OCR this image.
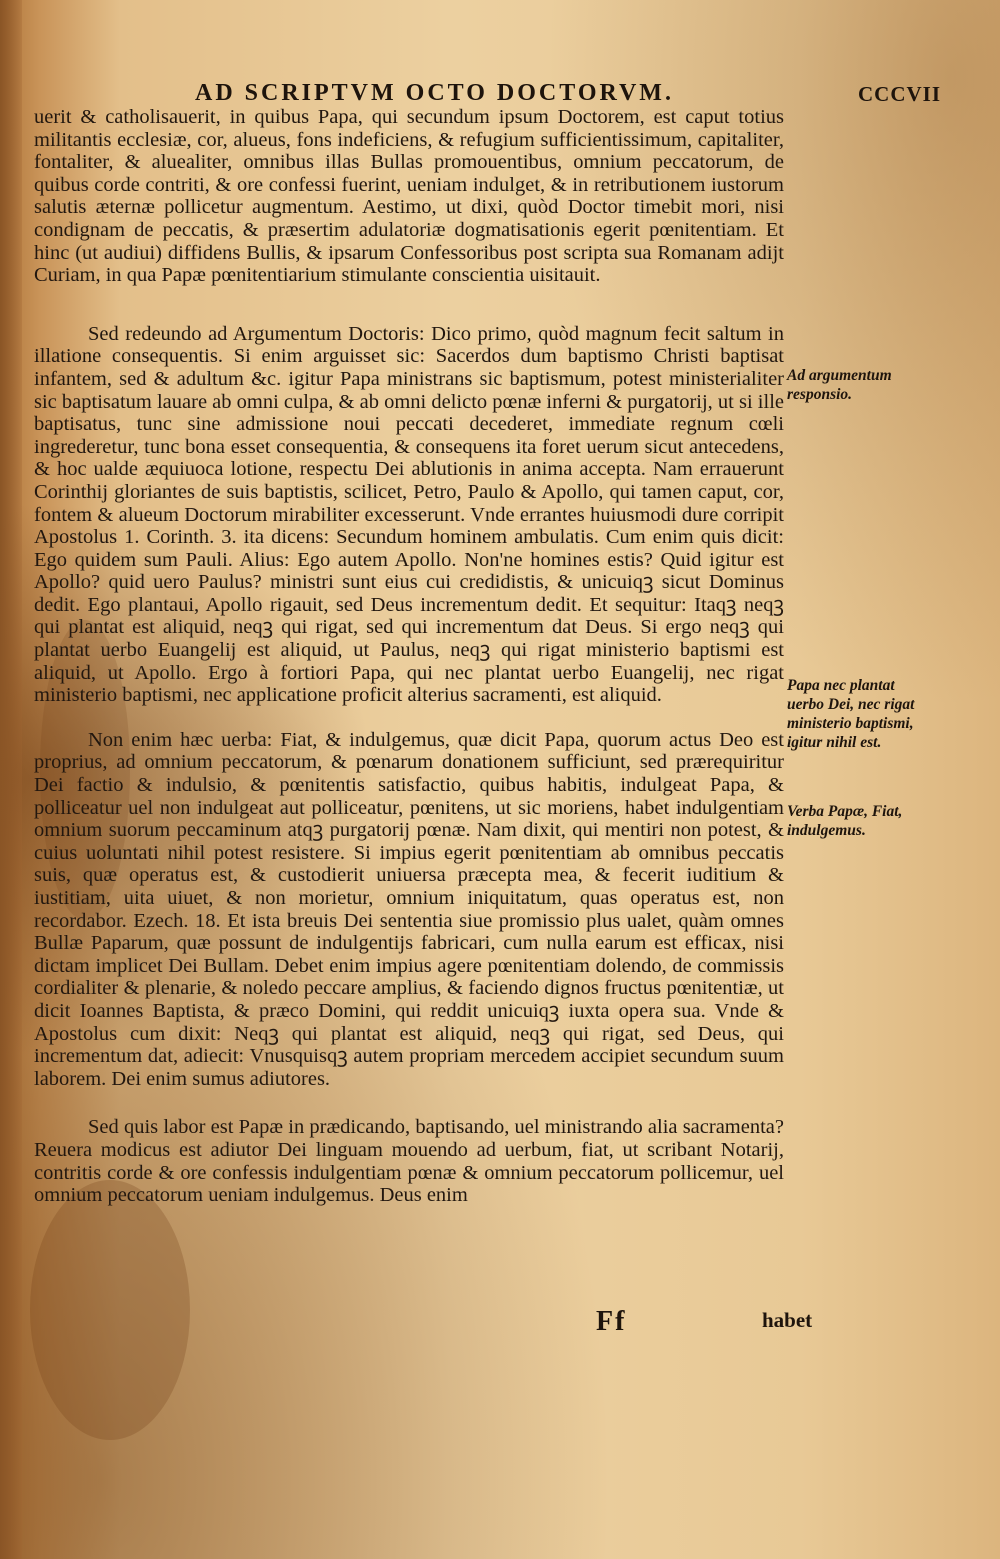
AD SCRIPTVM OCTO DOCTORVM.	CCCVII

uerit & catholisauerit, in quibus Papa, qui secundum ipsum Doctorem, est caput totius militantis ecclesiæ, cor, alueus, fons indeficiens, & refugium sufficientissimum, capitaliter, fontaliter, & aluealiter, omnibus illas Bullas promouentibus, omnium peccatorum, de quibus corde contriti, & ore confessi fuerint, ueniam indulget, & in retributionem iustorum salutis æternæ pollicetur augmentum. Aestimo, ut dixi, quòd Doctor timebit mori, nisi condignam de peccatis, & præsertim adulatoriæ dogmatisationis egerit pœnitentiam. Et hinc (ut audiui) diffidens Bullis, & ipsarum Confessoribus post scripta sua Romanam adijt Curiam, in qua Papæ pœnitentiarium stimulante conscientia uisitauit.

Sed redeundo ad Argumentum Doctoris: Dico primo, quòd magnum fecit saltum in illatione consequentis. Si enim arguisset sic: Sacerdos dum baptismo Christi baptisat infantem, sed & adultum &c. igitur Papa ministrans sic baptismum, potest ministerialiter sic baptisatum lauare ab omni culpa, & ab omni delicto pœnæ inferni & purgatorij, ut si ille baptisatus, tunc sine admissione noui peccati decederet, immediate regnum cœli ingrederetur, tunc bona esset consequentia, & consequens ita foret uerum sicut antecedens, & hoc ualde æquiuoca lotione, respectu Dei ablutionis in anima accepta. Nam errauerunt Corinthij gloriantes de suis baptistis, scilicet, Petro, Paulo & Apollo, qui tamen caput, cor, fontem & alueum Doctorum mirabiliter excesserunt. Vnde errantes huiusmodi dure corripit Apostolus 1. Corinth. 3. ita dicens: Secundum hominem ambulatis. Cum enim quis dicit: Ego quidem sum Pauli. Alius: Ego autem Apollo. Non'ne homines estis? Quid igitur est Apollo? quid uero Paulus? ministri sunt eius cui credidistis, & unicuiqꝫ sicut Dominus dedit. Ego plantaui, Apollo rigauit, sed Deus incrementum dedit. Et sequitur: Itaqꝫ neqꝫ qui plantat est aliquid, neqꝫ qui rigat, sed qui incrementum dat Deus. Si ergo neqꝫ qui plantat uerbo Euangelij est aliquid, ut Paulus, neqꝫ qui rigat ministerio baptismi est aliquid, ut Apollo. Ergo à fortiori Papa, qui nec plantat uerbo Euangelij, nec rigat ministerio baptismi, nec applicatione proficit alterius sacramenti, est aliquid.

Non enim hæc uerba: Fiat, & indulgemus, quæ dicit Papa, quorum actus Deo est proprius, ad omnium peccatorum, & pœnarum donationem sufficiunt, sed prærequiritur Dei factio & indulsio, & pœnitentis satisfactio, quibus habitis, indulgeat Papa, & polliceatur uel non indulgeat aut polliceatur, pœnitens, ut sic moriens, habet indulgentiam omnium suorum peccaminum atqꝫ purgatorij pœnæ. Nam dixit, qui mentiri non potest, & cuius uoluntati nihil potest resistere. Si impius egerit pœnitentiam ab omnibus peccatis suis, quæ operatus est, & custodierit uniuersa præcepta mea, & fecerit iuditium & iustitiam, uita uiuet, & non morietur, omnium iniquitatum, quas operatus est, non recordabor. Ezech. 18. Et ista breuis Dei sententia siue promissio plus ualet, quàm omnes Bullæ Paparum, quæ possunt de indulgentijs fabricari, cum nulla earum est efficax, nisi dictam implicet Dei Bullam. Debet enim impius agere pœnitentiam dolendo, de commissis cordialiter & plenarie, & noledo peccare amplius, & faciendo dignos fructus pœnitentiæ, ut dicit Ioannes Baptista, & præco Domini, qui reddit unicuiqꝫ iuxta opera sua. Vnde & Apostolus cum dixit: Neqꝫ qui plantat est aliquid, neqꝫ qui rigat, sed Deus, qui incrementum dat, adiecit: Vnusquisqꝫ autem propriam mercedem accipiet secundum suum laborem. Dei enim sumus adiutores.

Sed quis labor est Papæ in prædicando, baptisando, uel ministrando alia sacramenta? Reuera modicus est adiutor Dei linguam mouendo ad uerbum, fiat, ut scribant Notarij, contritis corde & ore confessis indulgentiam pœnæ & omnium peccatorum pollicemur, uel omnium peccatorum ueniam indulgemus. Deus enim

Ad argumentum responsio.
Papa nec plantat uerbo Dei, nec rigat ministerio baptismi, igitur nihil est.
Verba Papæ, Fiat, indulgemus.
Ff	habet
